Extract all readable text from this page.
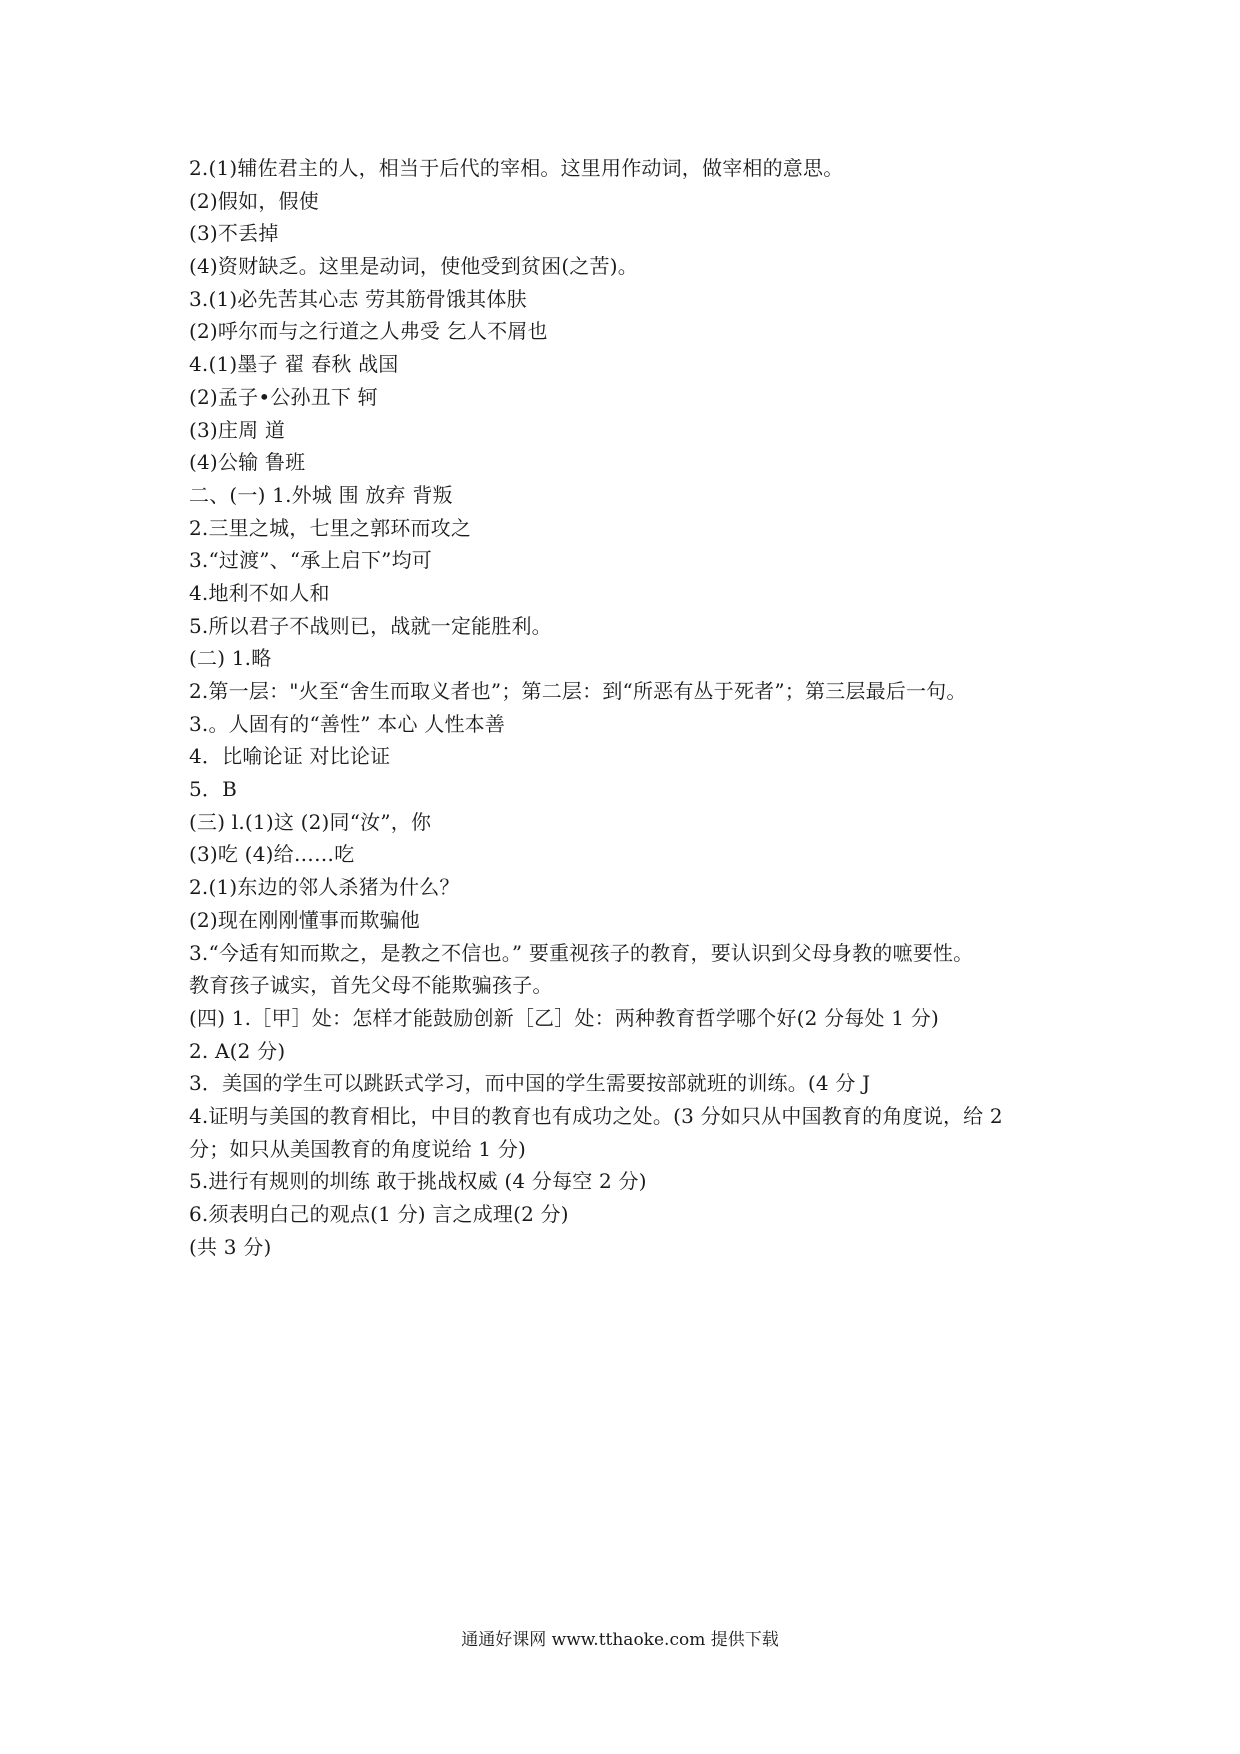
2.(1)辅佐君主的人，相当于后代的宰相。这里用作动词，做宰相的意思。
(2)假如，假使
(3)不丢掉
(4)资财缺乏。这里是动词，使他受到贫困(之苦)。
3.(1)必先苦其心志 劳其筋骨饿其体肤
(2)呼尔而与之行道之人弗受 乞人不屑也
4.(1)墨子 翟 春秋 战国
(2)孟子•公孙丑下 轲
(3)庄周 道
(4)公输 鲁班
二、(一) 1.外城 围 放弃 背叛
2.三里之城，七里之郭环而攻之
3.“过渡”、“承上启下”均可
4.地利不如人和
5.所以君子不战则已，战就一定能胜利。
(二) 1.略
2.第一层："火至“舍生而取义者也”；第二层：到“所恶有丛于死者”；第三层最后一句。
3.。人固有的“善性” 本心 人性本善
4．比喻论证 对比论证
5．B
(三) l.(1)这 (2)同“汝”，你
(3)吃 (4)给……吃
2.(1)东边的邻人杀猪为什么？
(2)现在刚刚懂事而欺骗他
3.“今适有知而欺之，是教之不信也。” 要重视孩子的教育，要认识到父母身教的嗻要性。
教育孩子诚实，首先父母不能欺骗孩子。
(四) 1.［甲］处：怎样才能鼓励创新［乙］处：两种教育哲学哪个好(2 分每处 1 分)
2. A(2 分)
3．美国的学生可以跳跃式学习，而中国的学生需要按部就班的训练。(4 分 J
4.证明与美国的教育相比，中目的教育也有成功之处。(3 分如只从中国教育的角度说，给 2
分；如只从美国教育的角度说给 1 分)
5.进行有规则的圳练 敢于挑战权威 (4 分每空 2 分)
6.须表明白己的观点(1 分) 言之成理(2 分)
(共 3 分)
通通好课网 www.tthaoke.com 提供下载
